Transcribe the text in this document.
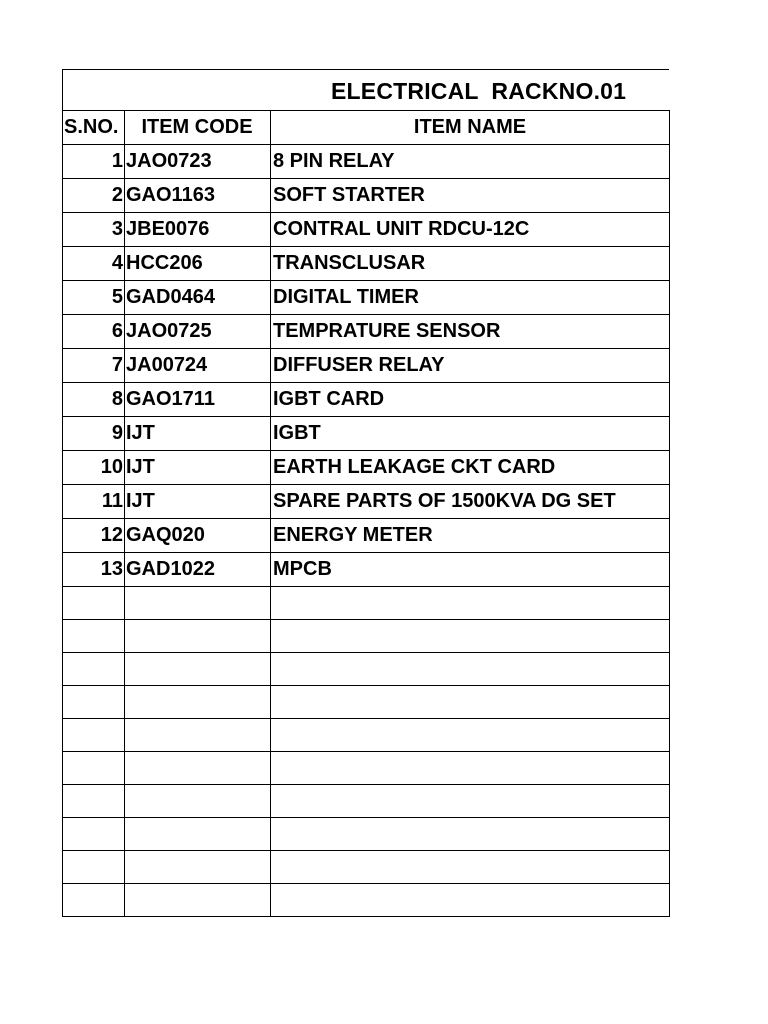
ELECTRICAL  RACKNO.01
S.NO.	ITEM CODE	ITEM NAME
1	JAO0723	8 PIN RELAY
2	GAO1163	SOFT STARTER
3	JBE0076	CONTRAL UNIT RDCU-12C
4	HCC206	TRANSCLUSAR
5	GAD0464	DIGITAL TIMER
6	JAO0725	TEMPRATURE SENSOR
7	JA00724	DIFFUSER RELAY
8	GAO1711	IGBT CARD
9	IJT	IGBT
10	IJT	EARTH LEAKAGE CKT CARD
11	IJT	SPARE PARTS OF 1500KVA DG SET
12	GAQ020	ENERGY METER
13	GAD1022	MPCB
